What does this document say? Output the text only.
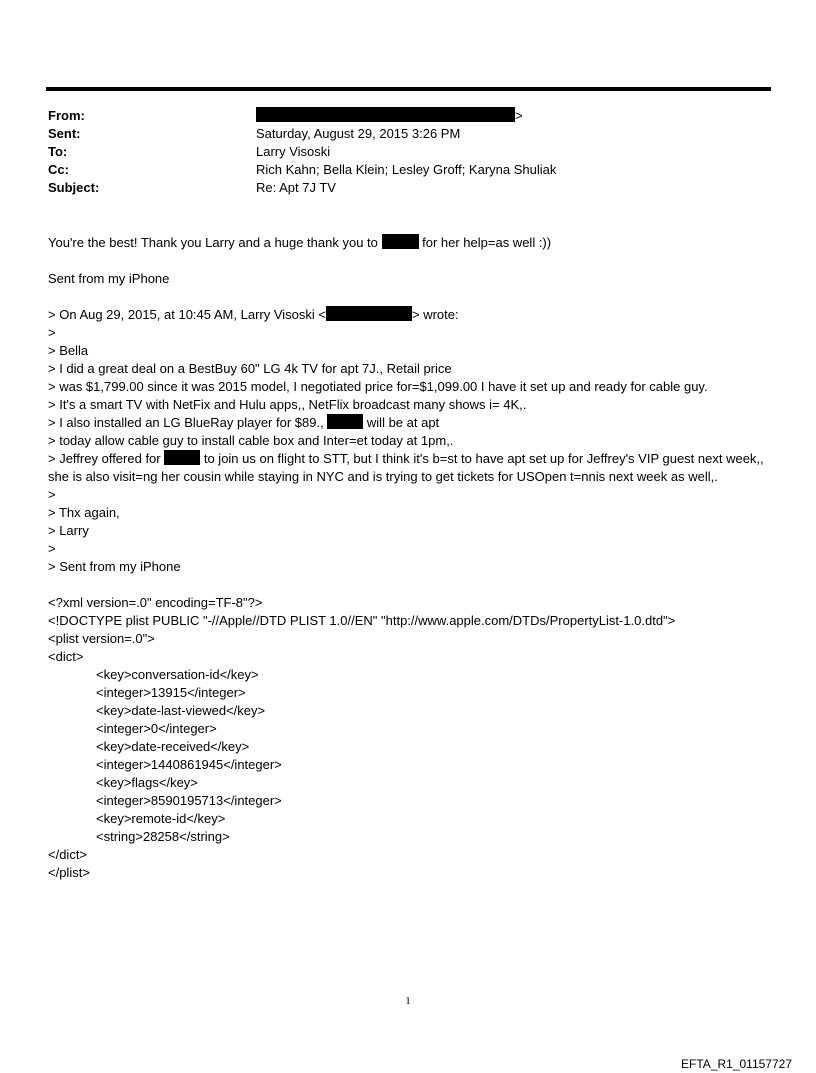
From:	>
Sent:	Saturday, August 29, 2015 3:26 PM
To:	Larry Visoski
Cc:	Rich Kahn; Bella Klein; Lesley Groff; Karyna Shuliak
Subject:	Re: Apt 7J TV
You're the best! Thank you Larry and a huge thank you to	for her help=as well :))
Sent from my iPhone
> On Aug 29, 2015, at 10:45 AM, Larry Visoski <	> wrote:
>
> Bella
> I did a great deal on a BestBuy 60" LG 4k TV for apt 7J., Retail price
> was $1,799.00 since it was 2015 model, I negotiated price for=$1,099.00 I have it set up and ready for cable guy.
> It's a smart TV with NetFix and Hulu apps,, NetFlix broadcast many shows i= 4K,.
> I also installed an LG BlueRay player for $89.,	will be at apt
> today allow cable guy to install cable box and Inter=et today at 1pm,.
> Jeffrey offered for	to join us on flight to STT, but I think it's b=st to have apt set up for Jeffrey's VIP guest next week,, she is also visit=ng her cousin while staying in NYC and is trying to get tickets for USOpen t=nnis next week as well,.
>
> Thx again,
> Larry
>
> Sent from my iPhone
<?xml version=.0" encoding=TF-8"?>
<!DOCTYPE plist PUBLIC "-//Apple//DTD PLIST 1.0//EN" "http://www.apple.com/DTDs/PropertyList-1.0.dtd">
<plist version=.0">
<dict>
<key>conversation-id</key>
<integer>13915</integer>
<key>date-last-viewed</key>
<integer>0</integer>
<key>date-received</key>
<integer>1440861945</integer>
<key>flags</key>
<integer>8590195713</integer>
<key>remote-id</key>
<string>28258</string>
</dict>
</plist>
1
EFTA_R1_01157727
